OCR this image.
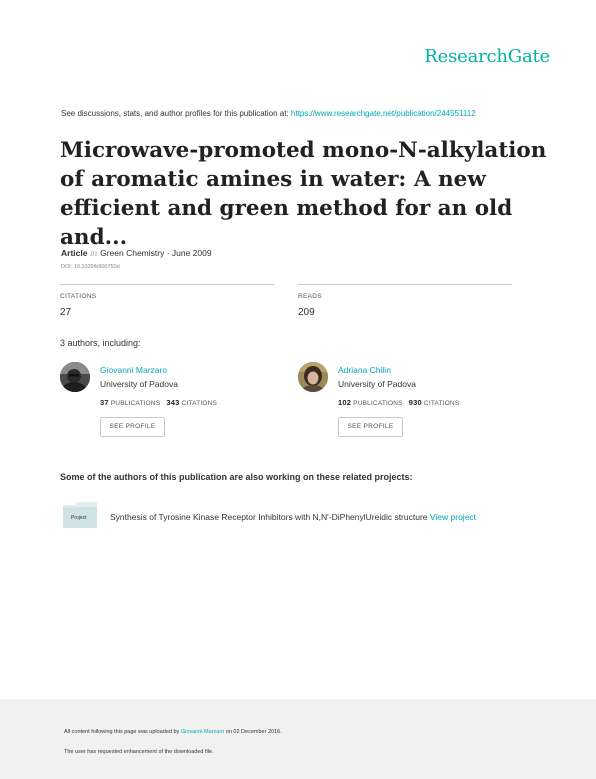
ResearchGate
See discussions, stats, and author profiles for this publication at: https://www.researchgate.net/publication/244551112
Microwave-promoted mono-N-alkylation of aromatic amines in water: A new efficient and green method for an old and...
Article in Green Chemistry · June 2009
DOI: 10.1039/b900750d
CITATIONS
27
READS
209
3 authors, including:
Giovanni Marzaro
University of Padova
37 PUBLICATIONS 343 CITATIONS
SEE PROFILE
Adriana Chilin
University of Padova
102 PUBLICATIONS 930 CITATIONS
SEE PROFILE
Some of the authors of this publication are also working on these related projects:
Project	Synthesis of Tyrosine Kinase Receptor Inhibitors with N,N'-DiPhenylUreidic structure View project
All content following this page was uploaded by Giovanni Marzaro on 02 December 2016.
The user has requested enhancement of the downloaded file.
